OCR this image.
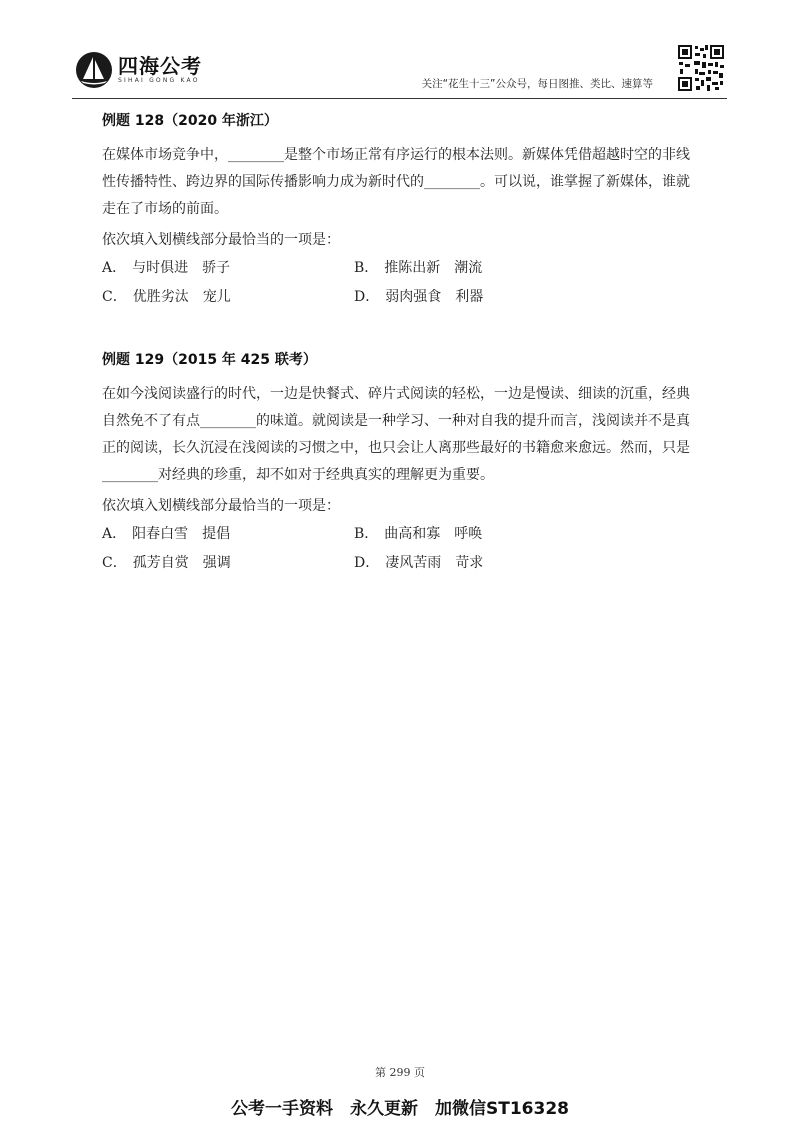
四海公考
SIHAI GONG KAO	关注“花生十三”公众号，每日图推、类比、速算等
例题 128（2020 年浙江）

在媒体市场竞争中，________是整个市场正常有序运行的根本法则。新媒体凭借超越时空的非线性传播特性、跨边界的国际传播影响力成为新时代的________。可以说，谁掌握了新媒体，谁就走在了市场的前面。

依次填入划横线部分最恰当的一项是：
A． 与时俱进　骄子	B． 推陈出新　潮流
C． 优胜劣汰　宠儿	D． 弱肉强食　利器
例题 129（2015 年 425 联考）

在如今浅阅读盛行的时代，一边是快餐式、碎片式阅读的轻松，一边是慢读、细读的沉重，经典自然免不了有点________的味道。就阅读是一种学习、一种对自我的提升而言，浅阅读并不是真正的阅读，长久沉浸在浅阅读的习惯之中，也只会让人离那些最好的书籍愈来愈远。然而，只是________对经典的珍重，却不如对于经典真实的理解更为重要。

依次填入划横线部分最恰当的一项是：
A． 阳春白雪　提倡	B． 曲高和寡　呼唤
C． 孤芳自赏　强调	D． 凄风苦雨　苛求
第 299 页
公考一手资料　永久更新　加微信ST16328
